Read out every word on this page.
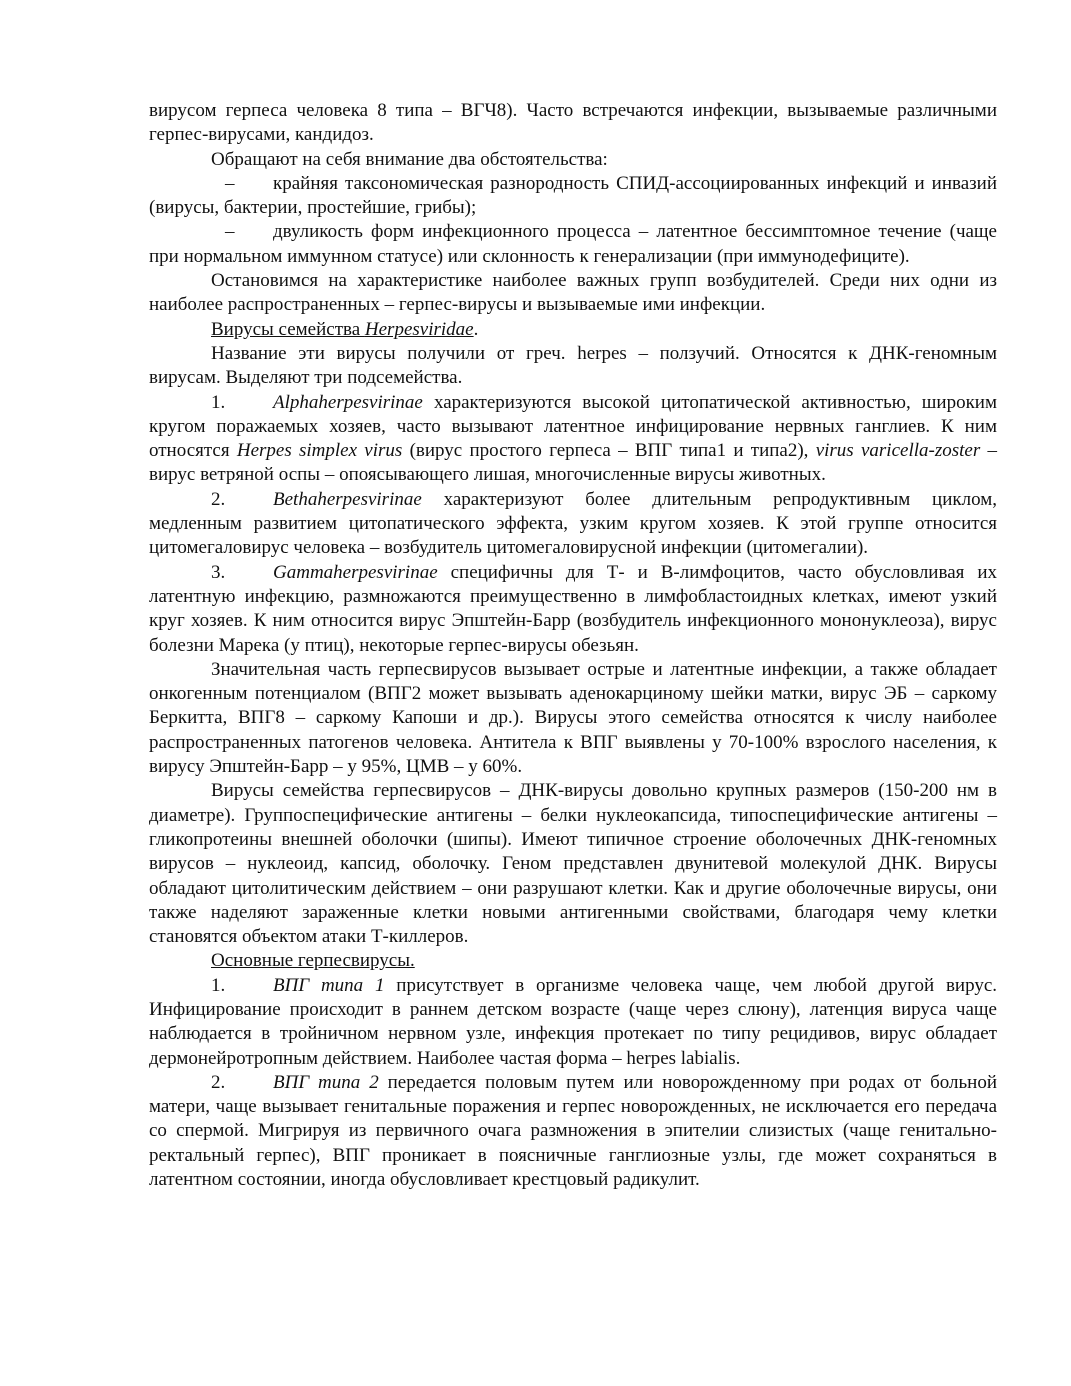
вирусом герпеса человека 8 типа – ВГЧ8). Часто встречаются инфекции, вызываемые различными герпес-вирусами, кандидоз.

Обращают на себя внимание два обстоятельства:

– крайняя таксономическая разнородность СПИД-ассоциированных инфекций и инвазий (вирусы, бактерии, простейшие, грибы);

– двуликость форм инфекционного процесса – латентное бессимптомное течение (чаще при нормальном иммунном статусе) или склонность к генерализации (при иммунодефиците).

Остановимся на характеристике наиболее важных групп возбудителей. Среди них одни из наиболее распространенных – герпес-вирусы и вызываемые ими инфекции.

Вирусы семейства Herpesviridae.

Название эти вирусы получили от греч. herpes – ползучий. Относятся к ДНК-геномным вирусам. Выделяют три подсемейства.

1.	Alphaherpesvirinae характеризуются высокой цитопатической активностью, широким кругом поражаемых хозяев, часто вызывают латентное инфицирование нервных ганглиев. К ним относятся Herpes simplex virus (вирус простого герпеса – ВПГ типа1 и типа2), virus varicella-zoster – вирус ветряной оспы – опоясывающего лишая, многочисленные вирусы животных.

2.	Bethaherpesvirinae характеризуют более длительным репродуктивным циклом, медленным развитием цитопатического эффекта, узким кругом хозяев. К этой группе относится цитомегаловирус человека – возбудитель цитомегаловирусной инфекции (цитомегалии).

3.	Gammaherpesvirinae специфичны для Т- и В-лимфоцитов, часто обусловливая их латентную инфекцию, размножаются преимущественно в лимфобластоидных клетках, имеют узкий круг хозяев. К ним относится вирус Эпштейн-Барр (возбудитель инфекционного мононуклеоза), вирус болезни Марека (у птиц), некоторые герпес-вирусы обезьян.

Значительная часть герпесвирусов вызывает острые и латентные инфекции, а также обладает онкогенным потенциалом (ВПГ2 может вызывать аденокарциному шейки матки, вирус ЭБ – саркому Беркитта, ВПГ8 – саркому Капоши и др.). Вирусы этого семейства относятся к числу наиболее распространенных патогенов человека. Антитела к ВПГ выявлены у 70-100% взрослого населения, к вирусу Эпштейн-Барр – у 95%, ЦМВ – у 60%.

Вирусы семейства герпесвирусов – ДНК-вирусы довольно крупных размеров (150-200 нм в диаметре). Группоспецифические антигены – белки нуклеокапсида, типоспецифические антигены – гликопротеины внешней оболочки (шипы). Имеют типичное строение оболочечных ДНК-геномных вирусов – нуклеоид, капсид, оболочку. Геном представлен двунитевой молекулой ДНК. Вирусы обладают цитолитическим действием – они разрушают клетки. Как и другие оболочечные вирусы, они также наделяют зараженные клетки новыми антигенными свойствами, благодаря чему клетки становятся объектом атаки Т-киллеров.

Основные герпесвирусы.

1.	ВПГ типа 1 присутствует в организме человека чаще, чем любой другой вирус. Инфицирование происходит в раннем детском возрасте (чаще через слюну), латенция вируса чаще наблюдается в тройничном нервном узле, инфекция протекает по типу рецидивов, вирус обладает дермонейротропным действием. Наиболее частая форма – herpes labialis.

2.	ВПГ типа 2 передается половым путем или новорожденному при родах от больной матери, чаще вызывает генитальные поражения и герпес новорожденных, не исключается его передача со спермой. Мигрируя из первичного очага размножения в эпителии слизистых (чаще генитально-ректальный герпес), ВПГ проникает в поясничные ганглиозные узлы, где может сохраняться в латентном состоянии, иногда обусловливает крестцовый радикулит.
